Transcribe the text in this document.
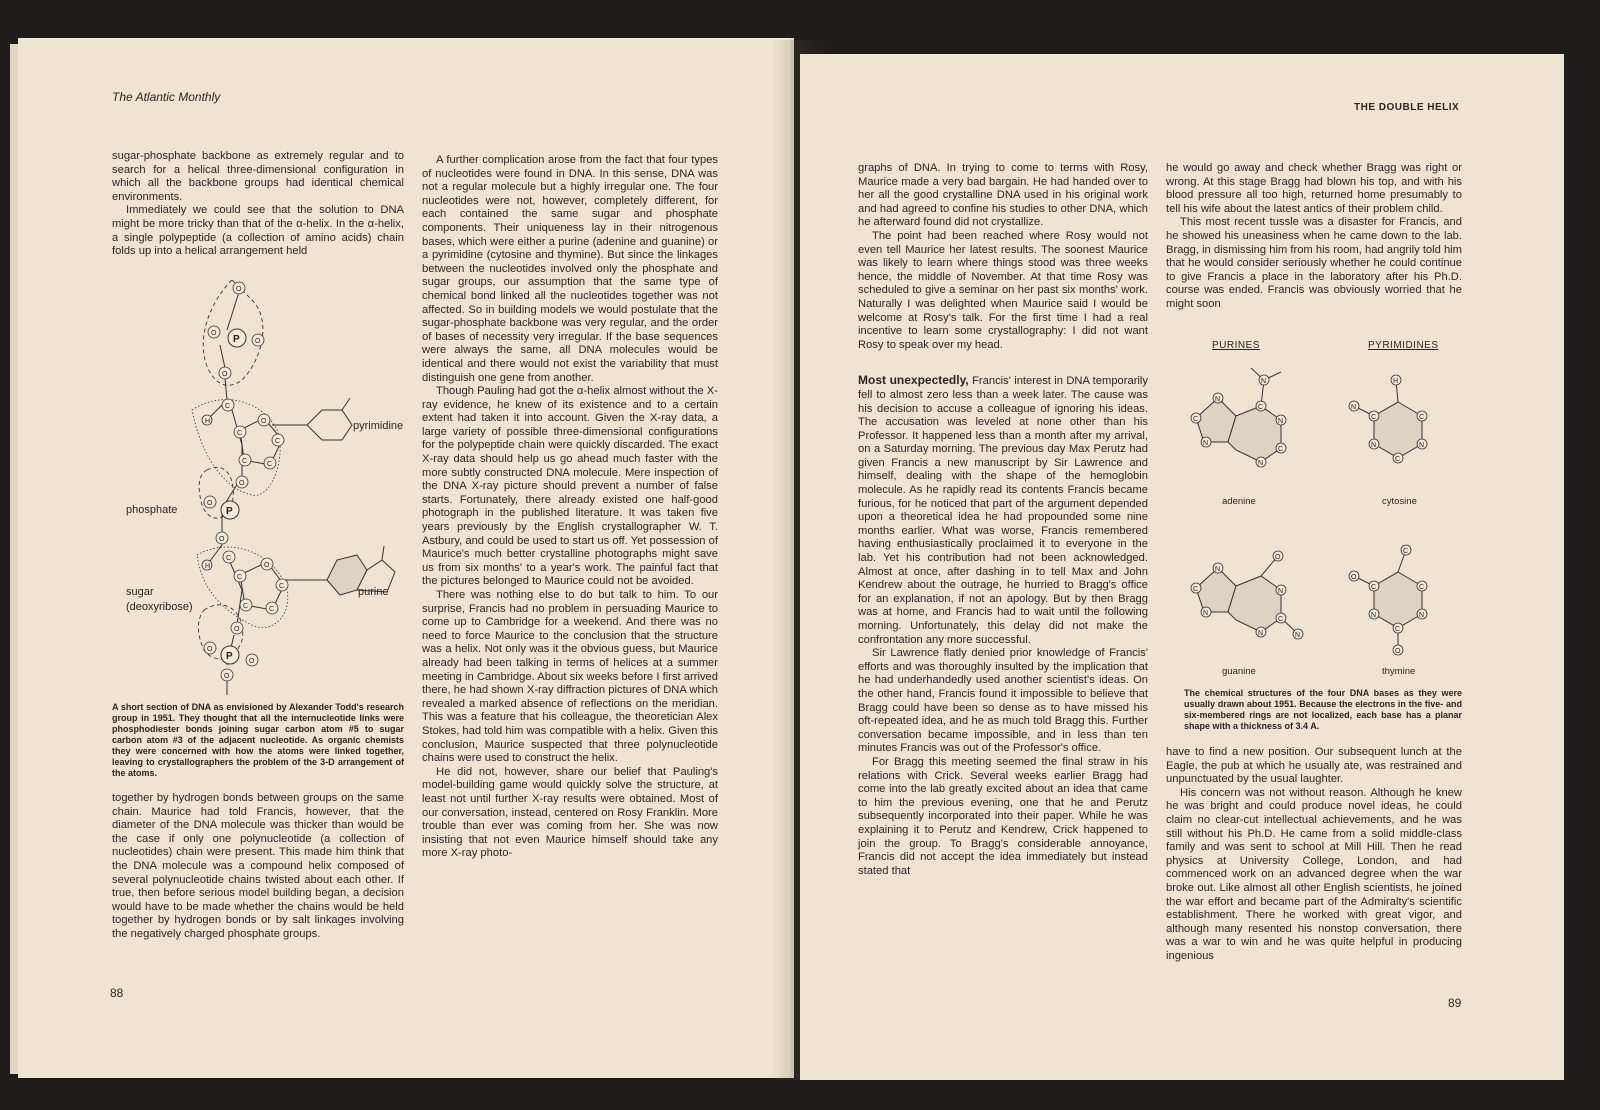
The Atlantic Monthly

sugar-phosphate backbone as extremely regular and to search for a helical three-dimensional configuration in which all the backbone groups had identical chemical environments.

Immediately we could see that the solution to DNA might be more tricky than that of the α-helix. In the α-helix, a single polypeptide (a collection of amino acids) chain folds up into a helical arrangement held

O
O
P O
O
H
C
C
O
C	C
C
O
O
P
O
H
C
C
O
C	C
C
O
O
P O
O
pyrimidine
phosphate
sugar
(deoxyribose)
purine
A short section of DNA as envisioned by Alexander Todd's research group in 1951. They thought that all the internucleotide links were phosphodiester bonds joining sugar carbon atom #5 to sugar carbon atom #3 of the adjacent nucleotide. As organic chemists they were concerned with how the atoms were linked together, leaving to crystallographers the problem of the 3-D arrangement of the atoms.

together by hydrogen bonds between groups on the same chain. Maurice had told Francis, however, that the diameter of the DNA molecule was thicker than would be the case if only one polynucleotide (a collection of nucleotides) chain were present. This made him think that the DNA molecule was a compound helix composed of several polynucleotide chains twisted about each other. If true, then before serious model building began, a decision would have to be made whether the chains would be held together by hydrogen bonds or by salt linkages involving the negatively charged phosphate groups.

A further complication arose from the fact that four types of nucleotides were found in DNA. In this sense, DNA was not a regular molecule but a highly irregular one. The four nucleotides were not, however, completely different, for each contained the same sugar and phosphate components. Their uniqueness lay in their nitrogenous bases, which were either a purine (adenine and guanine) or a pyrimidine (cytosine and thymine). But since the linkages between the nucleotides involved only the phosphate and sugar groups, our assumption that the same type of chemical bond linked all the nucleotides together was not affected. So in building models we would postulate that the sugar-phosphate backbone was very regular, and the order of bases of necessity very irregular. If the base sequences were always the same, all DNA molecules would be identical and there would not exist the variability that must distinguish one gene from another.

Though Pauling had got the α-helix almost without the X-ray evidence, he knew of its existence and to a certain extent had taken it into account. Given the X-ray data, a large variety of possible three-dimensional configurations for the polypeptide chain were quickly discarded. The exact X-ray data should help us go ahead much faster with the more subtly constructed DNA molecule. Mere inspection of the DNA X-ray picture should prevent a number of false starts. Fortunately, there already existed one half-good photograph in the published literature. It was taken five years previously by the English crystallographer W. T. Astbury, and could be used to start us off. Yet possession of Maurice's much better crystalline photographs might save us from six months' to a year's work. The painful fact that the pictures belonged to Maurice could not be avoided.

There was nothing else to do but talk to him. To our surprise, Francis had no problem in persuading Maurice to come up to Cambridge for a weekend. And there was no need to force Maurice to the conclusion that the structure was a helix. Not only was it the obvious guess, but Maurice already had been talking in terms of helices at a summer meeting in Cambridge. About six weeks before I first arrived there, he had shown X-ray diffraction pictures of DNA which revealed a marked absence of reflections on the meridian. This was a feature that his colleague, the theoretician Alex Stokes, had told him was compatible with a helix. Given this conclusion, Maurice suspected that three polynucleotide chains were used to construct the helix.

He did not, however, share our belief that Pauling's model-building game would quickly solve the structure, at least not until further X-ray results were obtained. Most of our conversation, instead, centered on Rosy Franklin. More trouble than ever was coming from her. She was now insisting that not even Maurice himself should take any more X-ray photo-

88
THE DOUBLE HELIX

graphs of DNA. In trying to come to terms with Rosy, Maurice made a very bad bargain. He had handed over to her all the good crystalline DNA used in his original work and had agreed to confine his studies to other DNA, which he afterward found did not crystallize.

The point had been reached where Rosy would not even tell Maurice her latest results. The soonest Maurice was likely to learn where things stood was three weeks hence, the middle of November. At that time Rosy was scheduled to give a seminar on her past six months' work. Naturally I was delighted when Maurice said I would be welcome at Rosy's talk. For the first time I had a real incentive to learn some crystallography: I did not want Rosy to speak over my head.

Most unexpectedly, Francis' interest in DNA temporarily fell to almost zero less than a week later. The cause was his decision to accuse a colleague of ignoring his ideas. The accusation was leveled at none other than his Professor. It happened less than a month after my arrival, on a Saturday morning. The previous day Max Perutz had given Francis a new manuscript by Sir Lawrence and himself, dealing with the shape of the hemoglobin molecule. As he rapidly read its contents Francis became furious, for he noticed that part of the argument depended upon a theoretical idea he had propounded some nine months earlier. What was worse, Francis remembered having enthusiastically proclaimed it to everyone in the lab. Yet his contribution had not been acknowledged. Almost at once, after dashing in to tell Max and John Kendrew about the outrage, he hurried to Bragg's office for an explanation, if not an apology. But by then Bragg was at home, and Francis had to wait until the following morning. Unfortunately, this delay did not make the confrontation any more successful.

Sir Lawrence flatly denied prior knowledge of Francis' efforts and was thoroughly insulted by the implication that he had underhandedly used another scientist's ideas. On the other hand, Francis found it impossible to believe that Bragg could have been so dense as to have missed his oft-repeated idea, and he as much told Bragg this. Further conversation became impossible, and in less than ten minutes Francis was out of the Professor's office.

For Bragg this meeting seemed the final straw in his relations with Crick. Several weeks earlier Bragg had come into the lab greatly excited about an idea that came to him the previous evening, one that he and Perutz subsequently incorporated into their paper. While he was explaining it to Perutz and Kendrew, Crick happened to join the group. To Bragg's considerable annoyance, Francis did not accept the idea immediately but instead stated that

he would go away and check whether Bragg was right or wrong. At this stage Bragg had blown his top, and with his blood pressure all too high, returned home presumably to tell his wife about the latest antics of their problem child.

This most recent tussle was a disaster for Francis, and he showed his uneasiness when he came down to the lab. Bragg, in dismissing him from his room, had angrily told him that he would consider seriously whether he could continue to give Francis a place in the laboratory after his Ph.D. course was ended. Francis was obviously worried that he might soon

PURINES	PYRIMIDINES
N
N
C
N
N
C
N
C
H
C	C
N
C
N
N
O
N
C
N
N
C
N	N
C
O
C	C
N
C
N
O
adenine	cytosine
guanine	thymine
The chemical structures of the four DNA bases as they were usually drawn about 1951. Because the electrons in the five- and six-membered rings are not localized, each base has a planar shape with a thickness of 3.4 A.

have to find a new position. Our subsequent lunch at the Eagle, the pub at which he usually ate, was restrained and unpunctuated by the usual laughter.

His concern was not without reason. Although he knew he was bright and could produce novel ideas, he could claim no clear-cut intellectual achievements, and he was still without his Ph.D. He came from a solid middle-class family and was sent to school at Mill Hill. Then he read physics at University College, London, and had commenced work on an advanced degree when the war broke out. Like almost all other English scientists, he joined the war effort and became part of the Admiralty's scientific establishment. There he worked with great vigor, and although many resented his nonstop conversation, there was a war to win and he was quite helpful in producing ingenious

89
